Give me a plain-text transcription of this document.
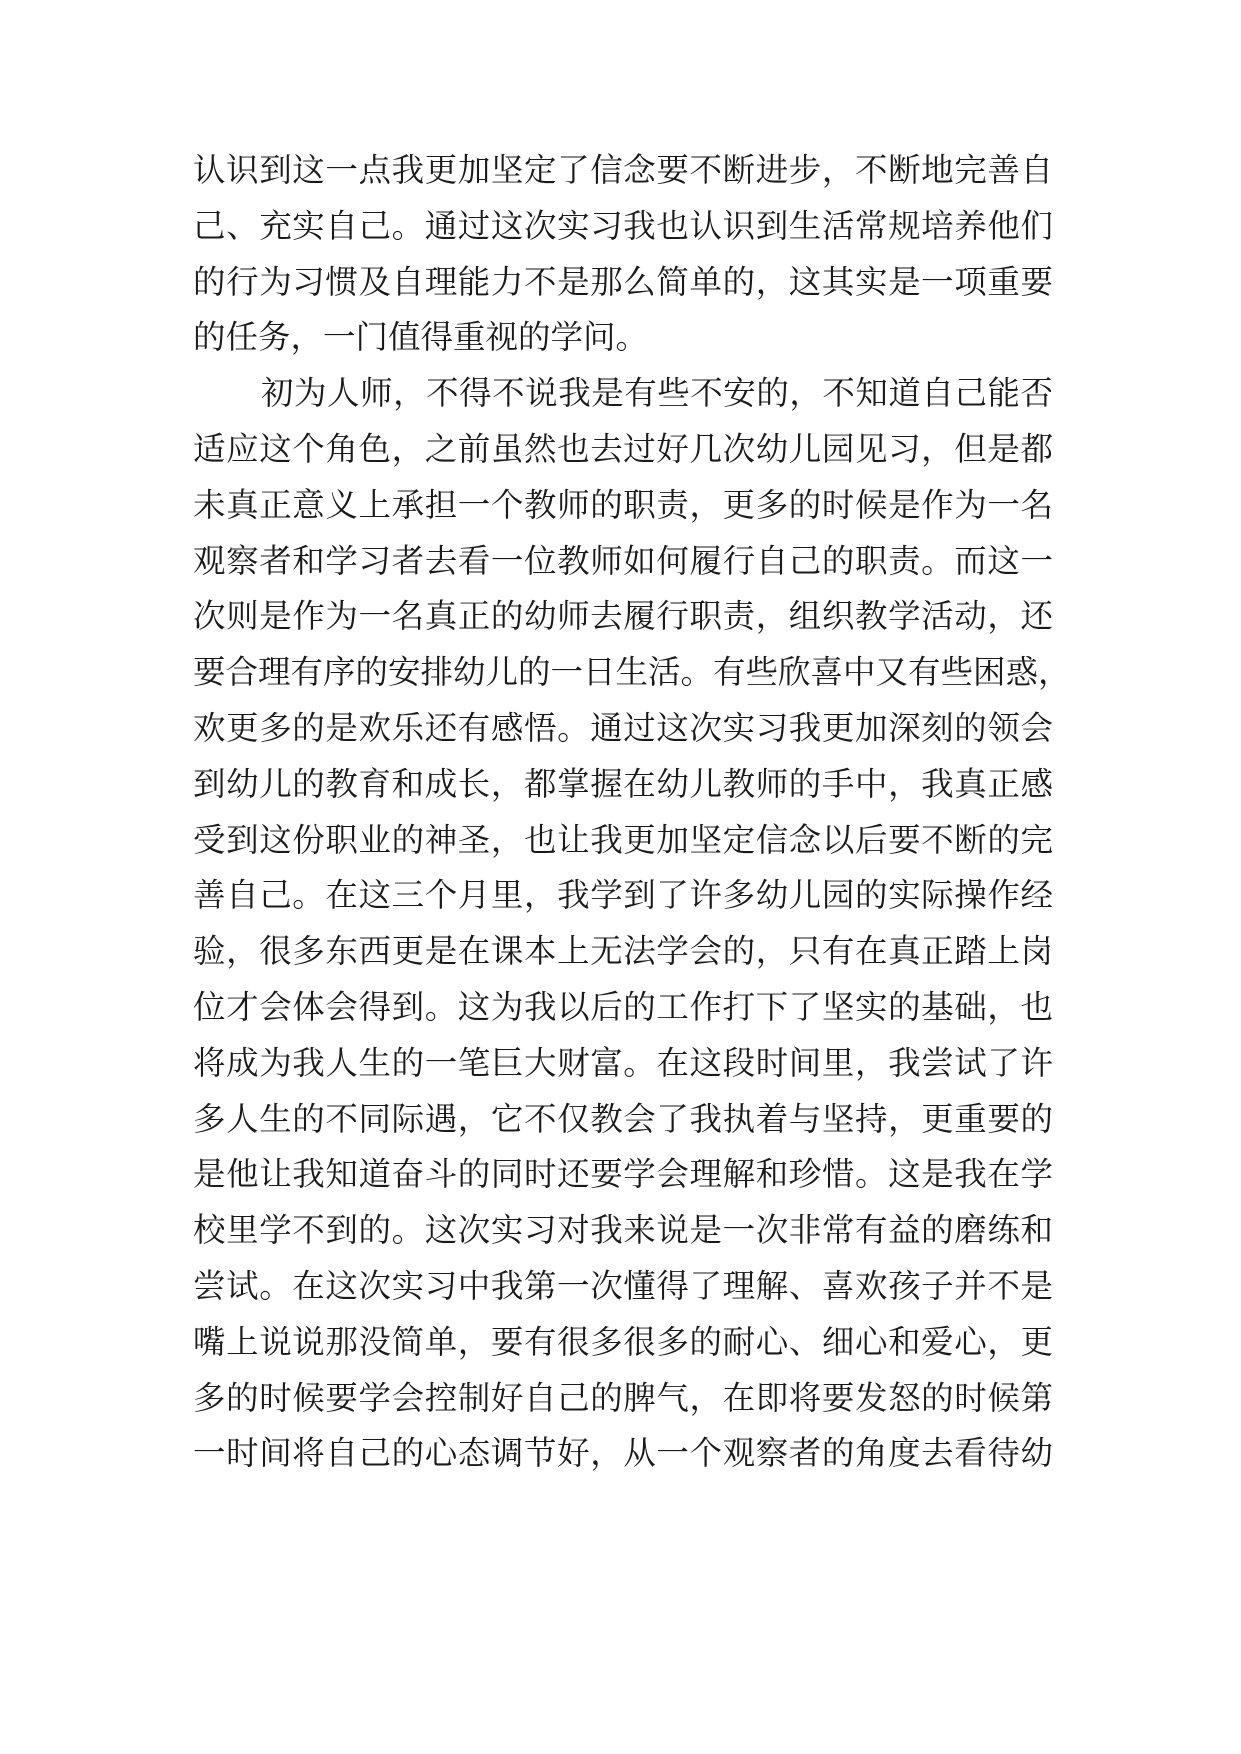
认识到这一点我更加坚定了信念要不断进步，不断地完善自
己、充实自己。通过这次实习我也认识到生活常规培养他们
的行为习惯及自理能力不是那么简单的，这其实是一项重要
的任务，一门值得重视的学问。
初为人师，不得不说我是有些不安的，不知道自己能否
适应这个角色，之前虽然也去过好几次幼儿园见习，但是都
未真正意义上承担一个教师的职责，更多的时候是作为一名
观察者和学习者去看一位教师如何履行自己的职责。而这一
次则是作为一名真正的幼师去履行职责，组织教学活动，还
要合理有序的安排幼儿的一日生活。有些欣喜中又有些困惑，
欢更多的是欢乐还有感悟。通过这次实习我更加深刻的领会
到幼儿的教育和成长，都掌握在幼儿教师的手中，我真正感
受到这份职业的神圣，也让我更加坚定信念以后要不断的完
善自己。在这三个月里，我学到了许多幼儿园的实际操作经
验，很多东西更是在课本上无法学会的，只有在真正踏上岗
位才会体会得到。这为我以后的工作打下了坚实的基础，也
将成为我人生的一笔巨大财富。在这段时间里，我尝试了许
多人生的不同际遇，它不仅教会了我执着与坚持，更重要的
是他让我知道奋斗的同时还要学会理解和珍惜。这是我在学
校里学不到的。这次实习对我来说是一次非常有益的磨练和
尝试。在这次实习中我第一次懂得了理解、喜欢孩子并不是
嘴上说说那没简单，要有很多很多的耐心、细心和爱心，更
多的时候要学会控制好自己的脾气，在即将要发怒的时候第
一时间将自己的心态调节好，从一个观察者的角度去看待幼
